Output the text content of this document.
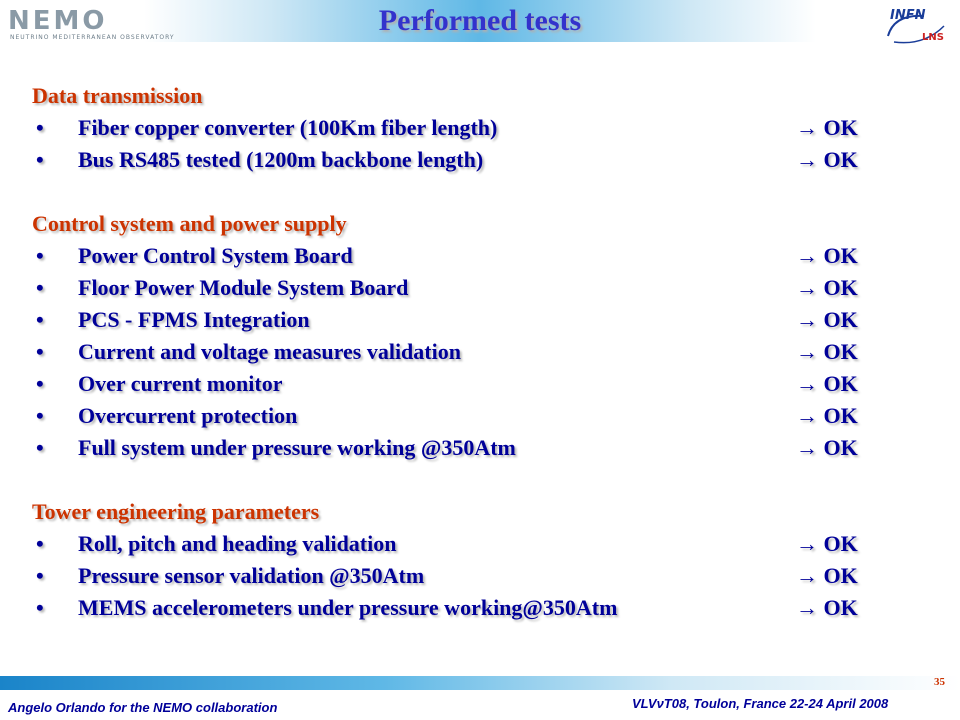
NEMO
NEUTRINO MEDITERRANEAN OBSERVATORY
Performed tests	INFN
LNS
Data transmission
• Fiber copper converter (100Km fiber length)	→ OK
• Bus RS485 tested (1200m backbone length)	→ OK
Control system and power supply
• Power Control System Board	→ OK
• Floor Power Module System Board	→ OK
• PCS - FPMS Integration	→ OK
• Current and voltage measures validation	→ OK
• Over current monitor	→ OK
• Overcurrent protection	→ OK
• Full system under pressure working @350Atm	→ OK
Tower engineering parameters
• Roll, pitch and heading validation	→ OK
• Pressure sensor validation @350Atm	→ OK
• MEMS accelerometers under pressure working@350Atm	→ OK
35
Angelo Orlando for the NEMO collaboration	VLVνT08, Toulon, France 22-24 April 2008
